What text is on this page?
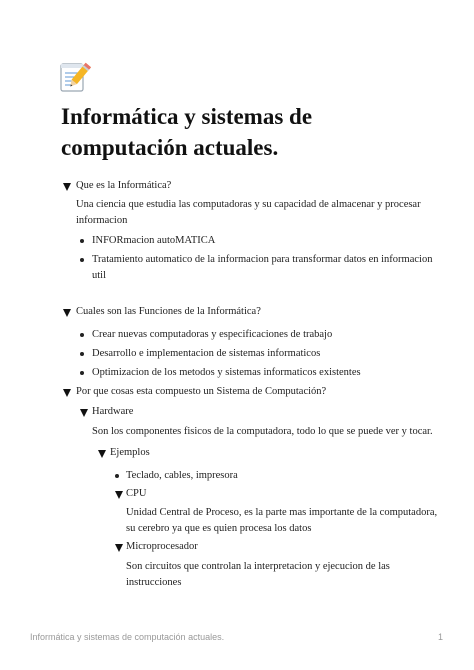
Informática y sistemas de
computación actuales.
Que es la Informática?
Una ciencia que estudia las computadoras y su capacidad de almacenar y procesar
informacion
INFORmacion autoMATICA
Tratamiento automatico de la informacion para transformar datos en informacion
util
Cuales son las Funciones de la Informática?
Crear nuevas computadoras y especificaciones de trabajo
Desarrollo e implementacion de sistemas informaticos
Optimizacion de los metodos y sistemas informaticos existentes
Por que cosas esta compuesto un Sistema de Computación?
Hardware
Son los componentes fisicos de la computadora, todo lo que se puede ver y tocar.
Ejemplos
Teclado, cables, impresora
CPU
Unidad Central de Proceso, es la parte mas importante de la computadora,
su cerebro ya que es quien procesa los datos
Microprocesador
Son circuitos que controlan la interpretacion y ejecucion de las
instrucciones
Informática y sistemas de computación actuales.	1
